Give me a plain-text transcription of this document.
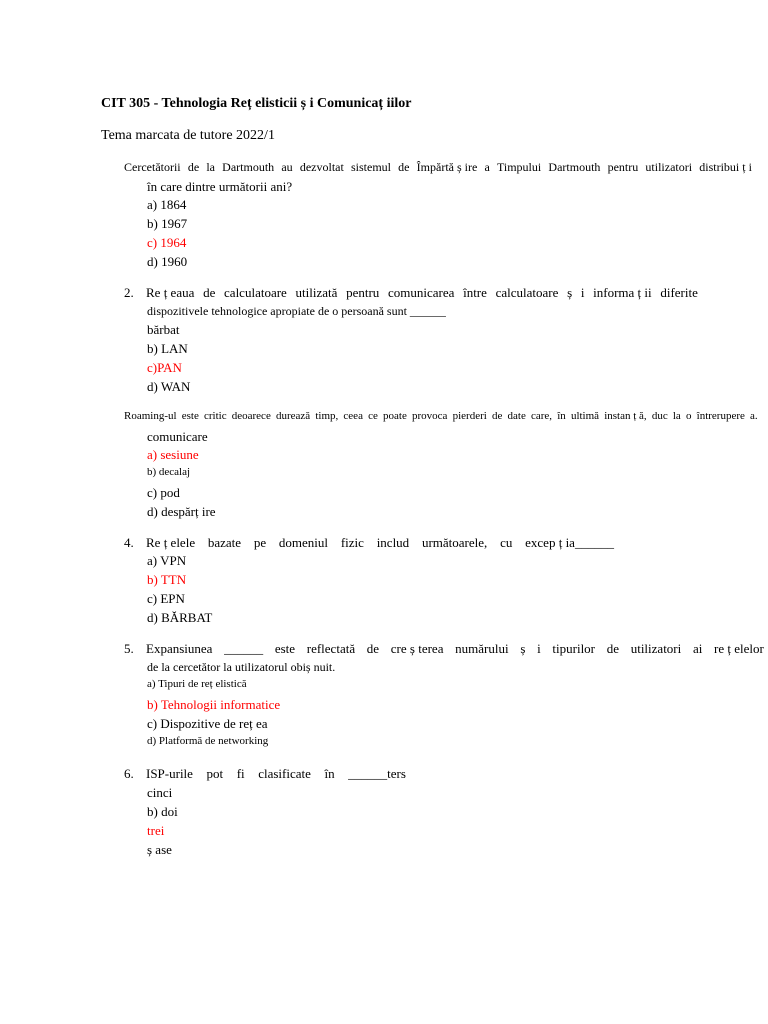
CIT 305 - Tehnologia Reț elisticii ș i Comunicaț iilor
Tema marcata de tutore 2022/1
Cercetătorii de la Dartmouth au dezvoltat sistemul de Împărtă ș ire a Timpului Dartmouth pentru utilizatori distribui ț i
în care dintre următorii ani?
a) 1864
b) 1967
c) 1964
d) 1960
2. Re ț eaua de calculatoare utilizată pentru comunicarea între calculatoare ș i informa ț ii diferite
dispozitivele tehnologice apropiate de o persoană sunt ______
bărbat
b) LAN
c)PAN
d) WAN
Roaming-ul este critic deoarece durează timp, ceea ce poate provoca pierderi de date care, în ultimă instan ț ă, duc la o întrerupere a.
comunicare
a) sesiune
b) decalaj
c) pod
d) despărț ire
4. Re ț elele bazate pe domeniul fizic includ următoarele, cu excep ț ia______
a) VPN
b) TTN
c) EPN
d) BĂRBAT
5. Expansiunea ______ este reflectată de cre ș terea numărului ș i tipurilor de utilizatori ai re ț elelor
de la cercetător la utilizatorul obiș nuit.
a) Tipuri de reț elistică
b) Tehnologii informatice
c) Dispozitive de reț ea
d) Platformă de networking
6. ISP-urile pot fi clasificate în ______ters
cinci
b) doi
trei
ș ase
